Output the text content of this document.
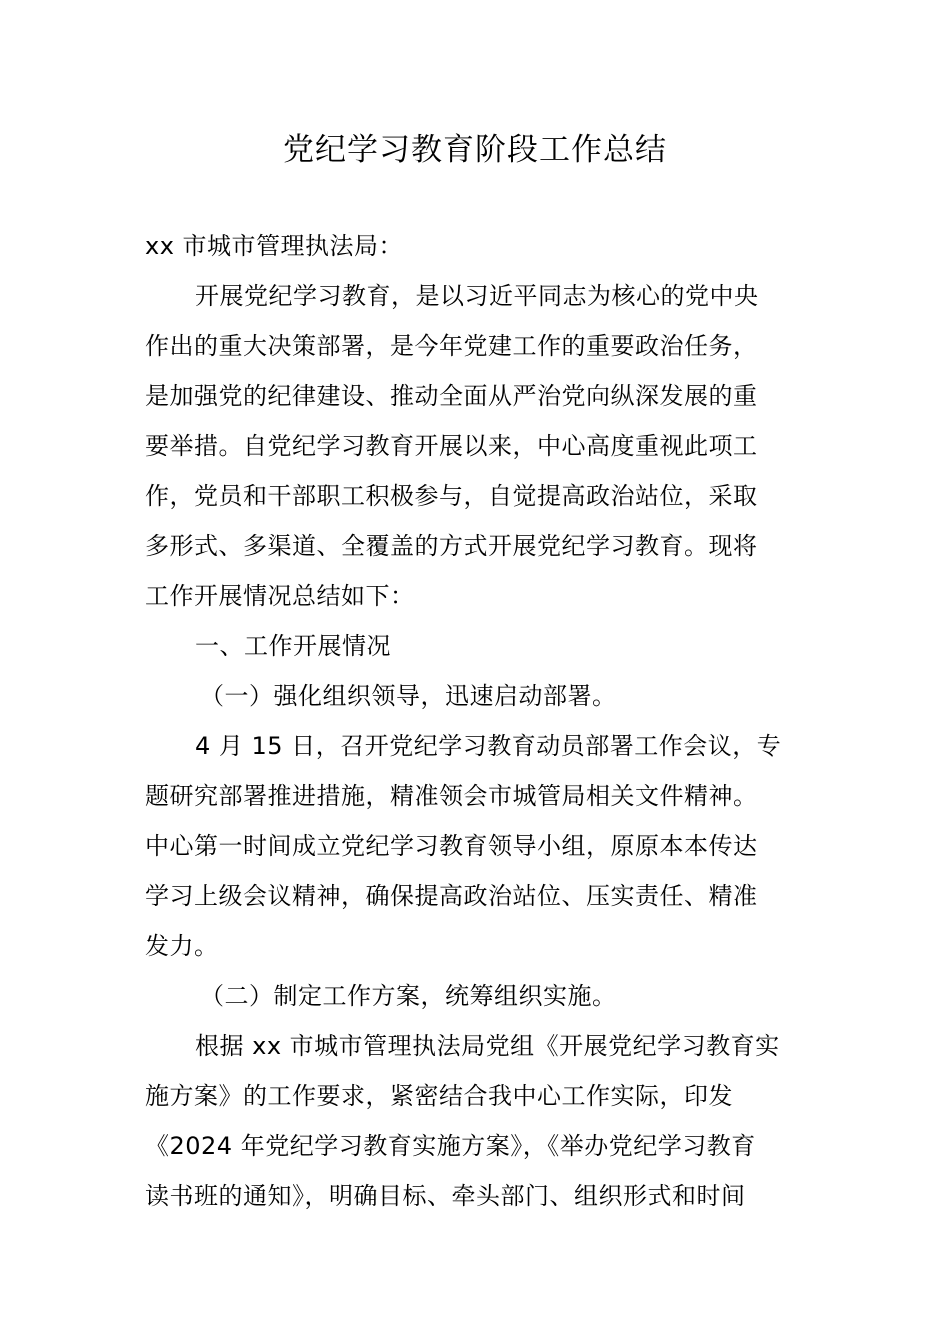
党纪学习教育阶段工作总结
xx 市城市管理执法局：
开展党纪学习教育，是以习近平同志为核心的党中央
作出的重大决策部署，是今年党建工作的重要政治任务，
是加强党的纪律建设、推动全面从严治党向纵深发展的重
要举措。自党纪学习教育开展以来，中心高度重视此项工
作，党员和干部职工积极参与，自觉提高政治站位，采取
多形式、多渠道、全覆盖的方式开展党纪学习教育。现将
工作开展情况总结如下：
一、工作开展情况
（一）强化组织领导，迅速启动部署。
4 月 15 日，召开党纪学习教育动员部署工作会议，专
题研究部署推进措施，精准领会市城管局相关文件精神。
中心第一时间成立党纪学习教育领导小组，原原本本传达
学习上级会议精神，确保提高政治站位、压实责任、精准
发力。
（二）制定工作方案，统筹组织实施。
根据 xx 市城市管理执法局党组《开展党纪学习教育实
施方案》的工作要求，紧密结合我中心工作实际，印发
《2024 年党纪学习教育实施方案》，《举办党纪学习教育
读书班的通知》，明确目标、牵头部门、组织形式和时间
